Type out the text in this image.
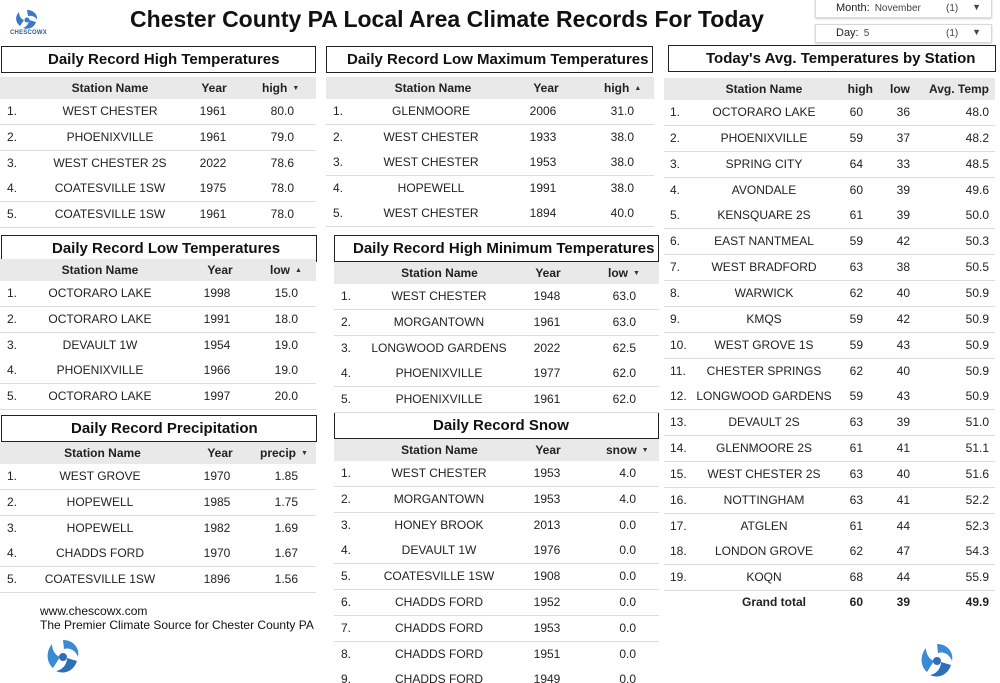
CHESCOWX
Chester County PA Local Area Climate Records For Today	Month: November	(1) ▼
Day: 5	(1) ▼
Daily Record High Temperatures	Daily Record Low Maximum Temperatures	Today's Avg. Temperatures by Station
Daily Record Low Temperatures	Daily Record High Minimum Temperatures
Daily Record Precipitation	Daily Record Snow
Station Name	Year	high ▼
1.	WEST CHESTER	1961	80.0
2.	PHOENIXVILLE	1961	79.0
3.	WEST CHESTER 2S	2022	78.6
4.	COATESVILLE 1SW	1975	78.0
5.	COATESVILLE 1SW	1961	78.0
Station Name	Year	low ▲
1.	OCTORARO LAKE	1998	15.0
2.	OCTORARO LAKE	1991	18.0
3.	DEVAULT 1W	1954	19.0
4.	PHOENIXVILLE	1966	19.0
5.	OCTORARO LAKE	1997	20.0
Station Name	Year precip ▼
1.	WEST GROVE	1970	1.85
2.	HOPEWELL	1985	1.75
3.	HOPEWELL	1982	1.69
4.	CHADDS FORD	1970	1.67
5.	COATESVILLE 1SW	1896	1.56
Station Name	Year	high ▲
1.	GLENMOORE	2006	31.0
2.	WEST CHESTER	1933	38.0
3.	WEST CHESTER	1953	38.0
4.	HOPEWELL	1991	38.0
5.	WEST CHESTER	1894	40.0
Station Name	Year	low ▼
1.	WEST CHESTER	1948	63.0
2.	MORGANTOWN	1961	63.0
3.	LONGWOOD GARDENS	2022	62.5
4.	PHOENIXVILLE	1977	62.0
5.	PHOENIXVILLE	1961	62.0
Station Name	Year	snow ▼
1.	WEST CHESTER	1953	4.0
2.	MORGANTOWN	1953	4.0
3.	HONEY BROOK	2013	0.0
4.	DEVAULT 1W	1976	0.0
5.	COATESVILLE 1SW	1908	0.0
6.	CHADDS FORD	1952	0.0
7.	CHADDS FORD	1953	0.0
8.	CHADDS FORD	1951	0.0
9.	CHADDS FORD	1949	0.0
Station Name	high	low	Avg. Temp
1.	OCTORARO LAKE	60	36	48.0
2.	PHOENIXVILLE	59	37	48.2
3.	SPRING CITY	64	33	48.5
4.	AVONDALE	60	39	49.6
5.	KENSQUARE 2S	61	39	50.0
6.	EAST NANTMEAL	59	42	50.3
7.	WEST BRADFORD	63	38	50.5
8.	WARWICK	62	40	50.9
9.	KMQS	59	42	50.9
10.	WEST GROVE 1S	59	43	50.9
11.	CHESTER SPRINGS	62	40	50.9
12. LONGWOOD GARDENS	59	43	50.9
13.	DEVAULT 2S	63	39	51.0
14.	GLENMOORE 2S	61	41	51.1
15.	WEST CHESTER 2S	63	40	51.6
16.	NOTTINGHAM	63	41	52.2
17.	ATGLEN	61	44	52.3
18.	LONDON GROVE	62	47	54.3
19.	KOQN	68	44	55.9
Grand total	60	39	49.9
www.chescowx.com
The Premier Climate Source for Chester County PA
